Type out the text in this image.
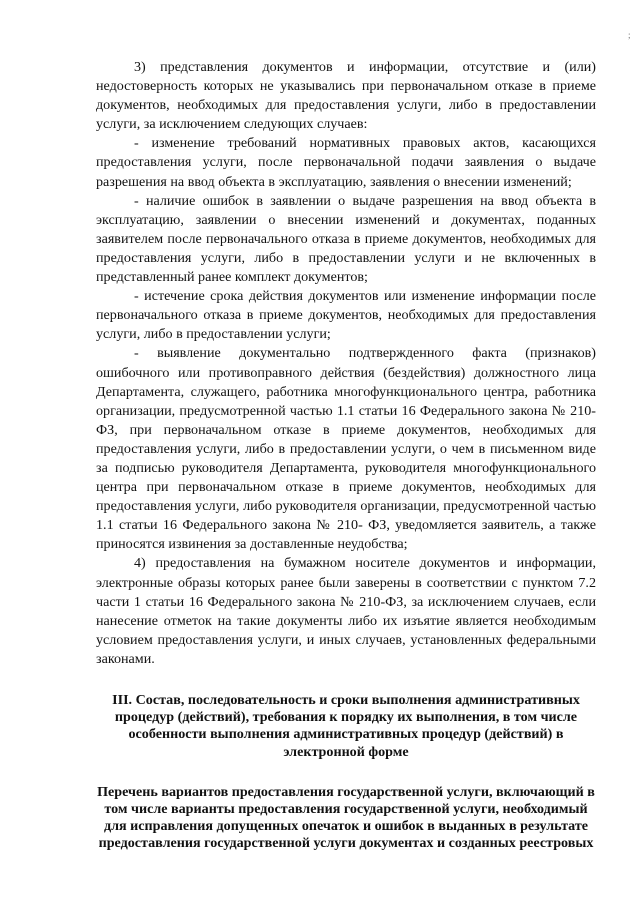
;

3) представления документов и информации, отсутствие и (или) недостоверность которых не указывались при первоначальном отказе в приеме документов, необходимых для предоставления услуги, либо в предоставлении услуги, за исключением следующих случаев:

- изменение требований нормативных правовых актов, касающихся предоставления услуги, после первоначальной подачи заявления о выдаче разрешения на ввод объекта в эксплуатацию, заявления о внесении изменений;

- наличие ошибок в заявлении о выдаче разрешения на ввод объекта в эксплуатацию, заявлении о внесении изменений и документах, поданных заявителем после первоначального отказа в приеме документов, необходимых для предоставления услуги, либо в предоставлении услуги и не включенных в представленный ранее комплект документов;

- истечение срока действия документов или изменение информации после первоначального отказа в приеме документов, необходимых для предоставления услуги, либо в предоставлении услуги;

- выявление документально подтвержденного факта (признаков) ошибочного или противоправного действия (бездействия) должностного лица Департамента, служащего, работника многофункционального центра, работника организации, предусмотренной частью 1.1 статьи 16 Федерального закона № 210-ФЗ, при первоначальном отказе в приеме документов, необходимых для предоставления услуги, либо в предоставлении услуги, о чем в письменном виде за подписью руководителя Департамента, руководителя многофункционального центра при первоначальном отказе в приеме документов, необходимых для предоставления услуги, либо руководителя организации, предусмотренной частью 1.1 статьи 16 Федерального закона № 210- ФЗ, уведомляется заявитель, а также приносятся извинения за доставленные неудобства;

4) предоставления на бумажном носителе документов и информации, электронные образы которых ранее были заверены в соответствии с пунктом 7.2 части 1 статьи 16 Федерального закона № 210-ФЗ, за исключением случаев, если нанесение отметок на такие документы либо их изъятие является необходимым условием предоставления услуги, и иных случаев, установленных федеральными законами.

III. Состав, последовательность и сроки выполнения административных процедур (действий), требования к порядку их выполнения, в том числе особенности выполнения административных процедур (действий) в электронной форме

Перечень вариантов предоставления государственной услуги, включающий в том числе варианты предоставления государственной услуги, необходимый для исправления допущенных опечаток и ошибок в выданных в результате предоставления государственной услуги документах и созданных реестровых
